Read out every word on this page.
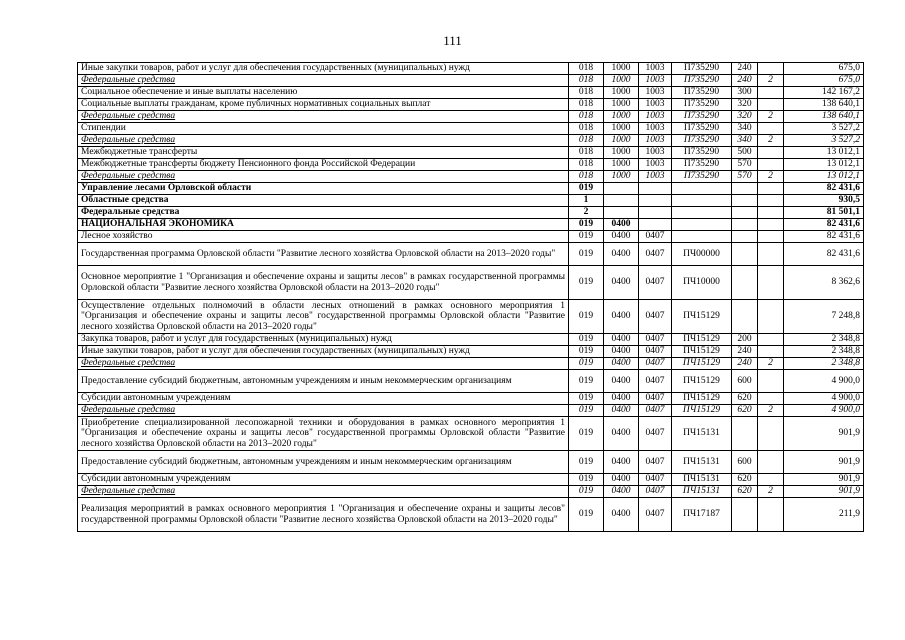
111
Иные закупки товаров, работ и услуг для обеспечения государственных (муниципальных) нужд	018	1000	1003	П735290	240		675,0
Федеральные средства	018	1000	1003	П735290	240	2	675,0
Социальное обеспечение и иные выплаты населению	018	1000	1003	П735290	300		142 167,2
Социальные выплаты гражданам, кроме публичных нормативных социальных выплат	018	1000	1003	П735290	320		138 640,1
Федеральные средства	018	1000	1003	П735290	320	2	138 640,1
Стипендии	018	1000	1003	П735290	340		3 527,2
Федеральные средства	018	1000	1003	П735290	340	2	3 527,2
Межбюджетные трансферты	018	1000	1003	П735290	500		13 012,1
Межбюджетные трансферты бюджету Пенсионного фонда Российской Федерации	018	1000	1003	П735290	570		13 012,1
Федеральные средства	018	1000	1003	П735290	570	2	13 012,1
Управление лесами Орловской области	019						82 431,6
Областные средства	1						930,5
Федеральные средства	2						81 501,1
НАЦИОНАЛЬНАЯ ЭКОНОМИКА	019	0400					82 431,6
Лесное хозяйство	019	0400	0407				82 431,6
Государственная программа Орловской области "Развитие лесного хозяйства Орловской области на 2013–2020 годы"	019	0400	0407	ПЧ00000			82 431,6
Основное мероприятие 1 "Организация и обеспечение охраны и защиты лесов" в рамках государственной программы Орловской области "Развитие лесного хозяйства Орловской области на 2013–2020 годы"	019	0400	0407	ПЧ10000			8 362,6
Осуществление отдельных полномочий в области лесных отношений в рамках основного мероприятия 1 "Организация и обеспечение охраны и защиты лесов" государственной программы Орловской области "Развитие лесного хозяйства Орловской области на 2013–2020 годы"	019	0400	0407	ПЧ15129			7 248,8
Закупка товаров, работ и услуг для государственных (муниципальных) нужд	019	0400	0407	ПЧ15129	200		2 348,8
Иные закупки товаров, работ и услуг для обеспечения государственных (муниципальных) нужд	019	0400	0407	ПЧ15129	240		2 348,8
Федеральные средства	019	0400	0407	ПЧ15129	240	2	2 348,8
Предоставление субсидий бюджетным, автономным учреждениям и иным некоммерческим организациям	019	0400	0407	ПЧ15129	600		4 900,0
Субсидии автономным учреждениям	019	0400	0407	ПЧ15129	620		4 900,0
Федеральные средства	019	0400	0407	ПЧ15129	620	2	4 900,0
Приобретение специализированной лесопожарной техники и оборудования в рамках основного мероприятия 1 "Организация и обеспечение охраны и защиты лесов" государственной программы Орловской области "Развитие лесного хозяйства Орловской области на 2013–2020 годы"	019	0400	0407	ПЧ15131			901,9
Предоставление субсидий бюджетным, автономным учреждениям и иным некоммерческим организациям	019	0400	0407	ПЧ15131	600		901,9
Субсидии автономным учреждениям	019	0400	0407	ПЧ15131	620		901,9
Федеральные средства	019	0400	0407	ПЧ15131	620	2	901,9
Реализация мероприятий в рамках основного мероприятия 1 "Организация и обеспечение охраны и защиты лесов" государственной программы Орловской области "Развитие лесного хозяйства Орловской области на 2013–2020 годы"	019	0400	0407	ПЧ17187			211,9
